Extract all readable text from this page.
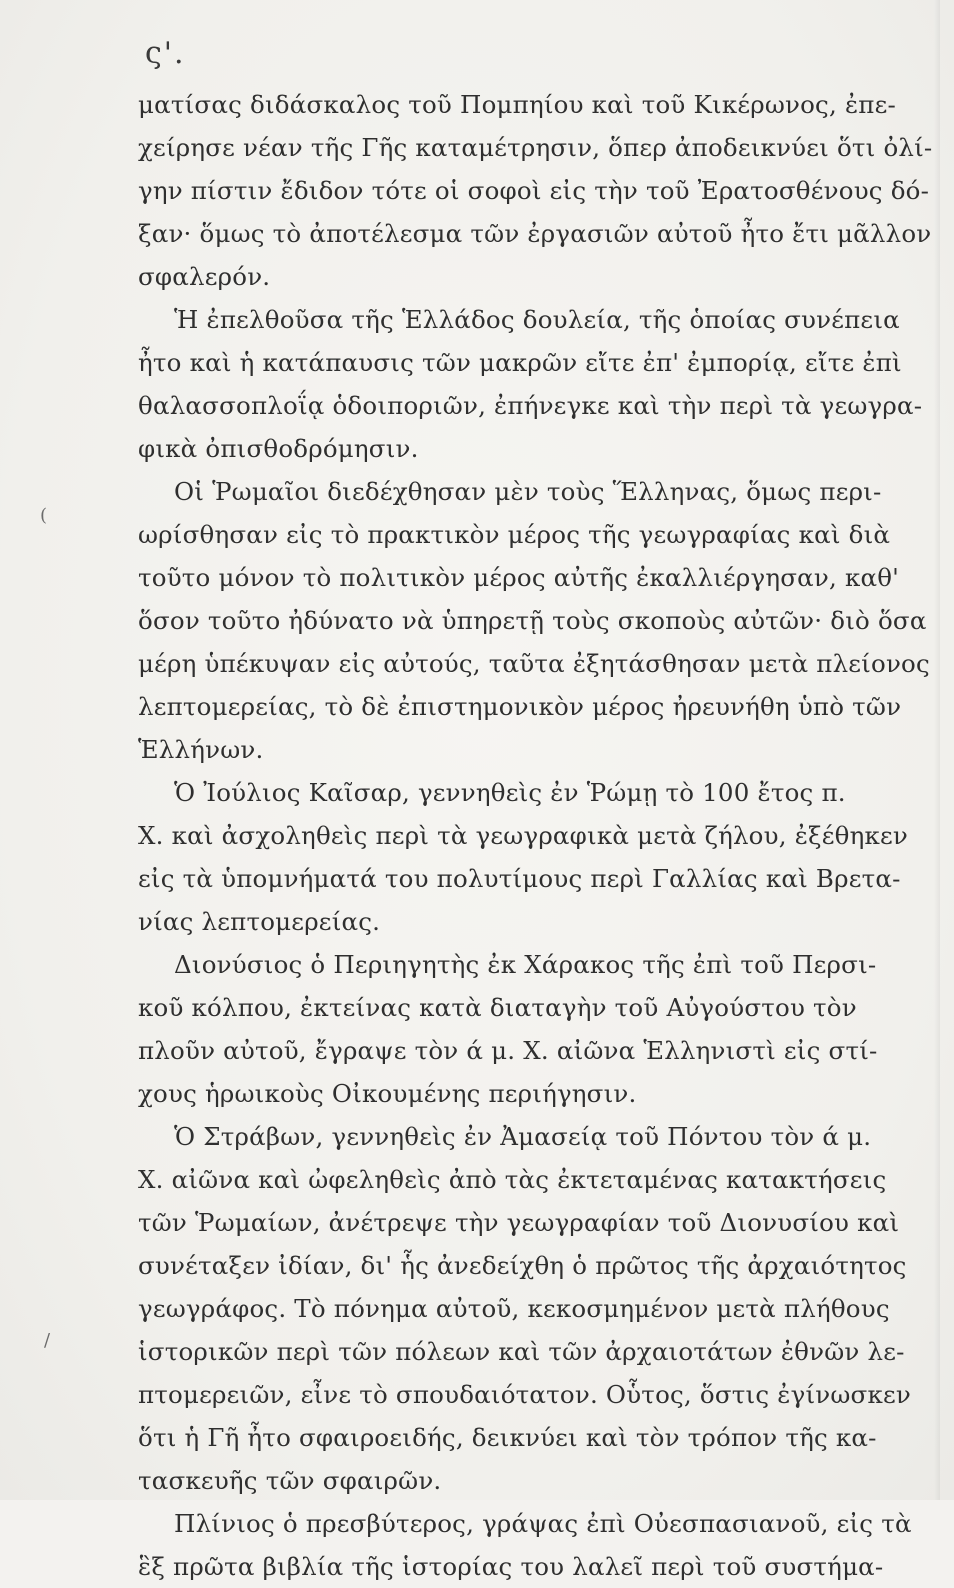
ς'.
ματίσας διδάσκαλος τοῦ Πομπηίου καὶ τοῦ Κικέρωνος, ἐπε-
χείρησε νέαν τῆς Γῆς καταμέτρησιν, ὅπερ ἀποδεικνύει ὅτι ὀλί-
γην πίστιν ἔδιδον τότε οἱ σοφοὶ εἰς τὴν τοῦ Ἐρατοσθένους δό-
ξαν· ὅμως τὸ ἀποτέλεσμα τῶν ἐργασιῶν αὐτοῦ ἦτο ἔτι μᾶλλον
σφαλερόν.
Ἡ ἐπελθοῦσα τῆς Ἑλλάδος δουλεία, τῆς ὁποίας συνέπεια
ἦτο καὶ ἡ κατάπαυσις τῶν μακρῶν εἴτε ἐπ' ἐμπορίᾳ, εἴτε ἐπὶ
θαλασσοπλοΐᾳ ὁδοιποριῶν, ἐπήνεγκε καὶ τὴν περὶ τὰ γεωγρα-
φικὰ ὀπισθοδρόμησιν.
Οἱ Ῥωμαῖοι διεδέχθησαν μὲν τοὺς Ἕλληνας, ὅμως περι-
ωρίσθησαν εἰς τὸ πρακτικὸν μέρος τῆς γεωγραφίας καὶ διὰ
τοῦτο μόνον τὸ πολιτικὸν μέρος αὐτῆς ἐκαλλιέργησαν, καθ'
ὅσον τοῦτο ἠδύνατο νὰ ὑπηρετῇ τοὺς σκοποὺς αὐτῶν· διὸ ὅσα
μέρη ὑπέκυψαν εἰς αὐτούς, ταῦτα ἐξητάσθησαν μετὰ πλείονος
λεπτομερείας, τὸ δὲ ἐπιστημονικὸν μέρος ἠρευνήθη ὑπὸ τῶν
Ἑλλήνων.
Ὁ Ἰούλιος Καῖσαρ, γεννηθεὶς ἐν Ῥώμῃ τὸ 100 ἔτος π.
Χ. καὶ ἀσχοληθεὶς περὶ τὰ γεωγραφικὰ μετὰ ζήλου, ἐξέθηκεν
εἰς τὰ ὑπομνήματά του πολυτίμους περὶ Γαλλίας καὶ Βρετα-
νίας λεπτομερείας.
Διονύσιος ὁ Περιηγητὴς ἐκ Χάρακος τῆς ἐπὶ τοῦ Περσι-
κοῦ κόλπου, ἐκτείνας κατὰ διαταγὴν τοῦ Αὐγούστου τὸν
πλοῦν αὐτοῦ, ἔγραψε τὸν ά μ. Χ. αἰῶνα Ἑλληνιστὶ εἰς στί-
χους ἡρωικοὺς Οἰκουμένης περιήγησιν.
Ὁ Στράβων, γεννηθεὶς ἐν Ἀμασείᾳ τοῦ Πόντου τὸν ά μ.
Χ. αἰῶνα καὶ ὠφεληθεὶς ἀπὸ τὰς ἐκτεταμένας κατακτήσεις
τῶν Ῥωμαίων, ἀνέτρεψε τὴν γεωγραφίαν τοῦ Διονυσίου καὶ
συνέταξεν ἰδίαν, δι' ἧς ἀνεδείχθη ὁ πρῶτος τῆς ἀρχαιότητος
γεωγράφος. Τὸ πόνημα αὐτοῦ, κεκοσμημένον μετὰ πλήθους
ἱστορικῶν περὶ τῶν πόλεων καὶ τῶν ἀρχαιοτάτων ἐθνῶν λε-
πτομερειῶν, εἶνε τὸ σπουδαιότατον. Οὗτος, ὅστις ἐγίνωσκεν
ὅτι ἡ Γῆ ἦτο σφαιροειδής, δεικνύει καὶ τὸν τρόπον τῆς κα-
τασκευῆς τῶν σφαιρῶν.
Πλίνιος ὁ πρεσβύτερος, γράψας ἐπὶ Οὐεσπασιανοῦ, εἰς τὰ
ἓξ πρῶτα βιβλία τῆς ἱστορίας του λαλεῖ περὶ τοῦ συστήμα-
(
/
